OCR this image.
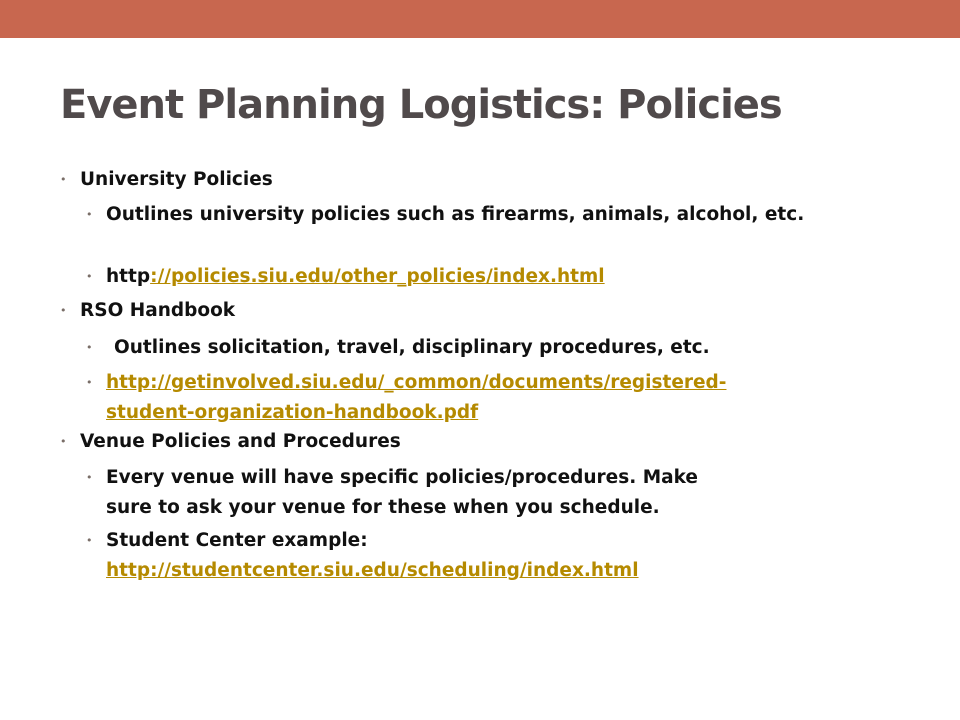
Event Planning Logistics: Policies
• University Policies
• Outlines university policies such as firearms, animals, alcohol, etc.
• http://policies.siu.edu/other_policies/index.html
• RSO Handbook
• Outlines solicitation, travel, disciplinary procedures, etc.
• http://getinvolved.siu.edu/_common/documents/registered-
student-organization-handbook.pdf
• Venue Policies and Procedures
• Every venue will have specific policies/procedures. Make
sure to ask your venue for these when you schedule.
• Student Center example:
http://studentcenter.siu.edu/scheduling/index.html
